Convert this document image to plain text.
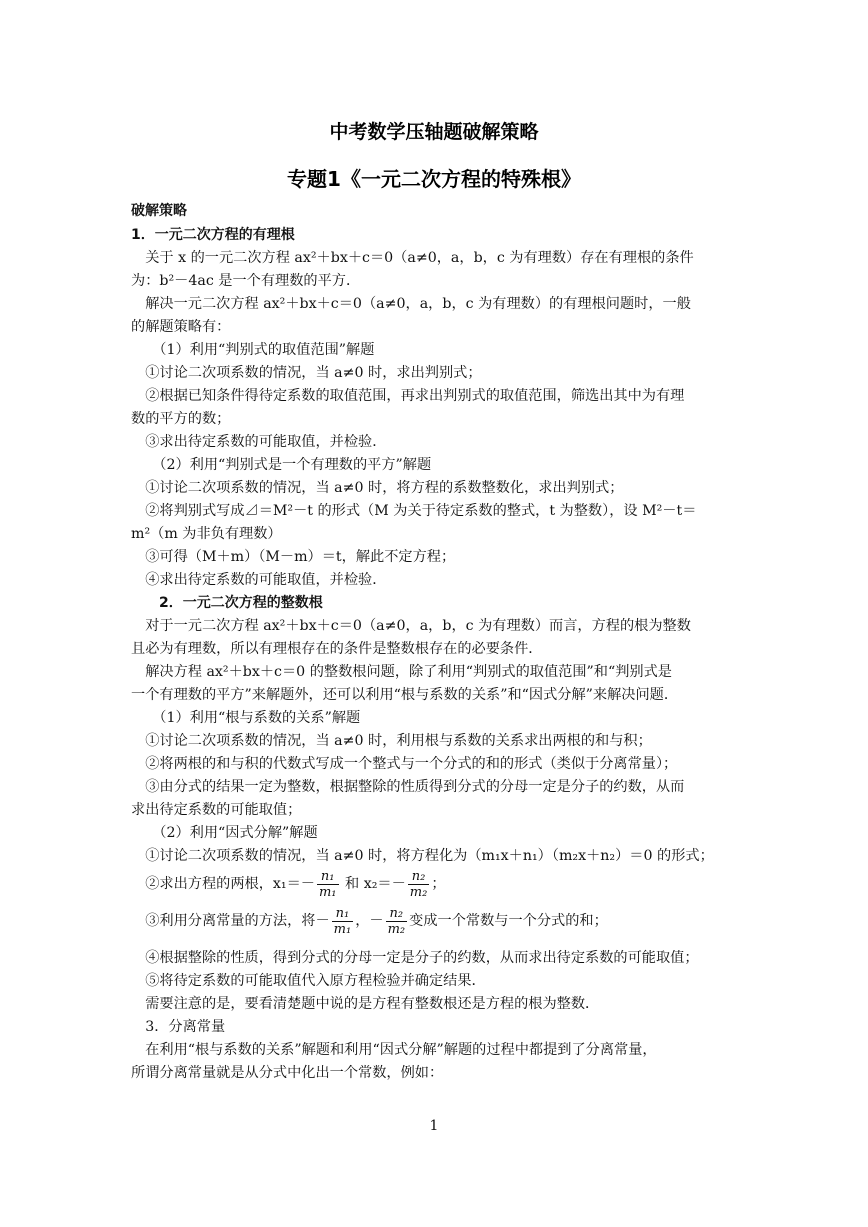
中考数学压轴题破解策略
专题1《一元二次方程的特殊根》
破解策略
1．一元二次方程的有理根
　关于 x 的一元二次方程 ax²＋bx＋c＝0（a≠0，a，b，c 为有理数）存在有理根的条件
为：b²－4ac 是一个有理数的平方．
　解决一元二次方程 ax²＋bx＋c＝0（a≠0，a，b，c 为有理数）的有理根问题时，一般
的解题策略有：
　　（1）利用“判别式的取值范围”解题
　①讨论二次项系数的情况，当 a≠0 时，求出判别式；
　②根据已知条件得待定系数的取值范围，再求出判别式的取值范围，筛选出其中为有理
数的平方的数；
　③求出待定系数的可能取值，并检验．
　　（2）利用“判别式是一个有理数的平方”解题
　①讨论二次项系数的情况，当 a≠0 时，将方程的系数整数化，求出判别式；
　②将判别式写成⊿＝M²－t 的形式（M 为关于待定系数的整式，t 为整数），设 M²－t＝
m²（m 为非负有理数）
　③可得（M＋m）（M－m）＝t，解此不定方程；
　④求出待定系数的可能取值，并检验．
　　2．一元二次方程的整数根
　对于一元二次方程 ax²＋bx＋c＝0（a≠0，a，b，c 为有理数）而言，方程的根为整数
且必为有理数，所以有理根存在的条件是整数根存在的必要条件．
　解决方程 ax²＋bx＋c＝0 的整数根问题，除了利用“判别式的取值范围”和“判别式是
一个有理数的平方”来解题外，还可以利用“根与系数的关系”和“因式分解”来解决问题．
　　（1）利用“根与系数的关系”解题
　①讨论二次项系数的情况，当 a≠0 时，利用根与系数的关系求出两根的和与积；
　②将两根的和与积的代数式写成一个整式与一个分式的和的形式（类似于分离常量）；
　③由分式的结果一定为整数，根据整除的性质得到分式的分母一定是分子的约数，从而
求出待定系数的可能取值；
　　（2）利用“因式分解”解题
　①讨论二次项系数的情况，当 a≠0 时，将方程化为（m₁x＋n₁）（m₂x＋n₂）＝0 的形式；
　②求出方程的两根，$x_1=- \frac{\text{n₁}}{\text{m₁}}$ 和 $x_2=- \frac{\text{n₂}}{\text{m₂}}$ ；
　③利用分离常量的方法，将－ $\frac{\text{n₁}}{\text{m₁}}$ ，－ $\frac{\text{n₂}}{\text{m₂}}$ 变成一个常数与一个分式的和；
　④根据整除的性质，得到分式的分母一定是分子的约数，从而求出待定系数的可能取值；
　⑤将待定系数的可能取值代入原方程检验并确定结果．
　需要注意的是，要看清楚题中说的是方程有整数根还是方程的根为整数．
　3．分离常量
　在利用“根与系数的关系”解题和利用“因式分解”解题的过程中都提到了分离常量，
所谓分离常量就是从分式中化出一个常数，例如：
1
